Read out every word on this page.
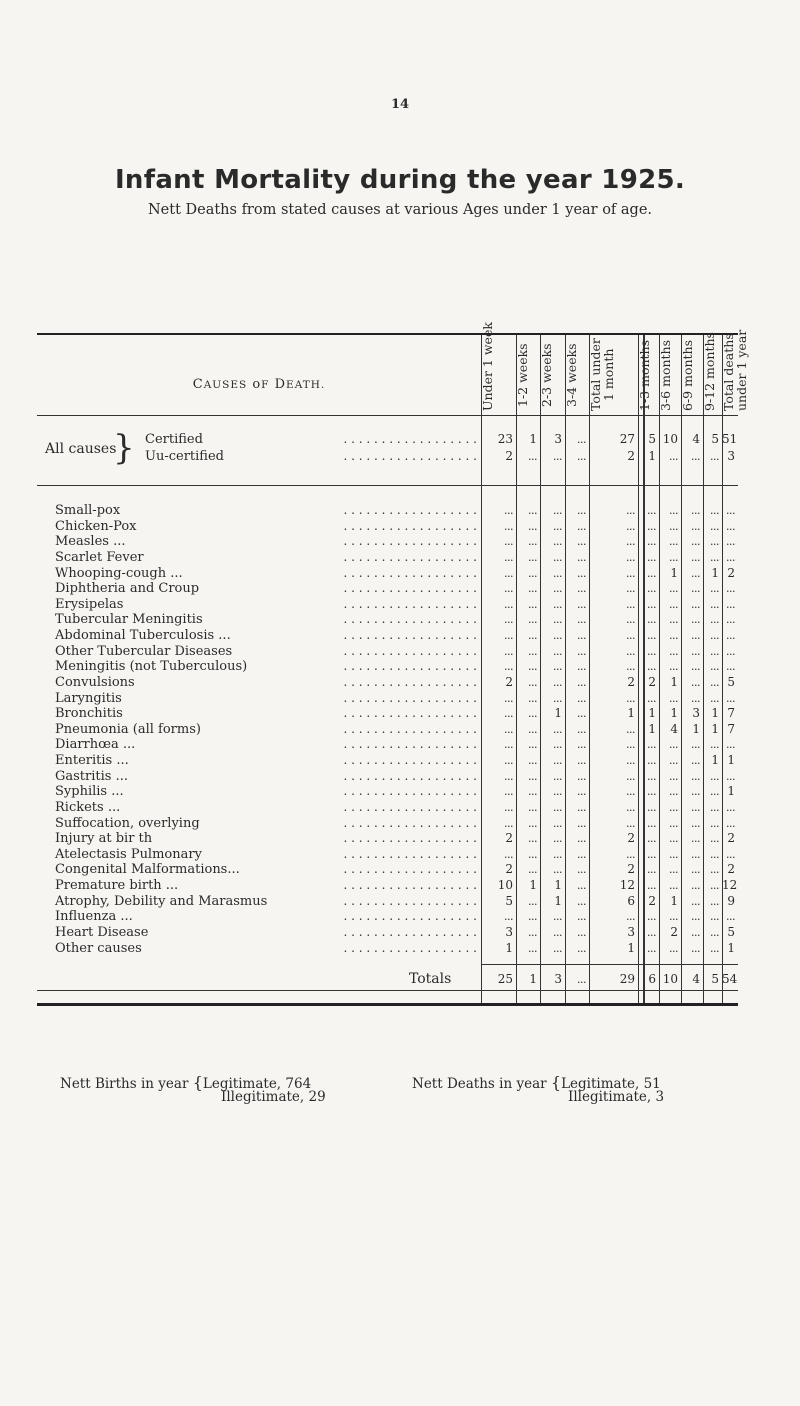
14
Infant Mortality during the year 1925.
Nett Deaths from stated causes at various Ages under 1 year of age.
CAUSES oF DEATH.	Under 1 week	1-2 weeks 2-3 weeks 3-4 weeks Total under
1 month 1-3 months 3-6 months 6-9 months 9-12 months Total deaths
under 1 year
All causes
} Certified	. . . . . . . . . . . . . . . . . .	23	1	3	...	27	5 10	4 5 51
Uu-certified	. . . . . . . . . . . . . . . . . .	2	...	...	...	2	1	...	... ... 3
Small-pox	. . . . . . . . . . . . . . . . . .	...	...	...	...	...	...	...	... ... ...
Chicken-Pox	. . . . . . . . . . . . . . . . . .	...	...	...	...	...	...	...	... ... ...
Measles ...	. . . . . . . . . . . . . . . . . .	...	...	...	...	...	...	...	... ... ...
Scarlet Fever	. . . . . . . . . . . . . . . . . .	...	...	...	...	...	...	...	... ... ...
Whooping-cough ...	. . . . . . . . . . . . . . . . . .	...	...	...	...	...	...	1	... 1 2
Diphtheria and Croup	. . . . . . . . . . . . . . . . . .	...	...	...	...	...	...	...	... ... ...
Erysipelas	. . . . . . . . . . . . . . . . . .	...	...	...	...	...	...	...	... ... ...
Tubercular Meningitis	. . . . . . . . . . . . . . . . . .	...	...	...	...	...	...	...	... ... ...
Abdominal Tuberculosis ...	. . . . . . . . . . . . . . . . . .	...	...	...	...	...	...	...	... ... ...
Other Tubercular Diseases	. . . . . . . . . . . . . . . . . .	...	...	...	...	...	...	...	... ... ...
Meningitis (not Tuberculous)	. . . . . . . . . . . . . . . . . .	...	...	...	...	...	...	...	... ... ...
Convulsions	. . . . . . . . . . . . . . . . . .	2	...	...	...	2	2	1	... ... 5
Laryngitis	. . . . . . . . . . . . . . . . . .	...	...	...	...	...	...	...	... ... ...
Bronchitis	. . . . . . . . . . . . . . . . . .	...	...	1	...	1	1	1	3 1 7
Pneumonia (all forms)	. . . . . . . . . . . . . . . . . .	...	...	...	...	...	1	4	1 1 7
Diarrhœa ...	. . . . . . . . . . . . . . . . . .	...	...	...	...	...	...	...	... ... ...
Enteritis ...	. . . . . . . . . . . . . . . . . .	...	...	...	...	...	...	...	... 1 1
Gastritis ...	. . . . . . . . . . . . . . . . . .	...	...	...	...	...	...	...	... ... ...
Syphilis ...	. . . . . . . . . . . . . . . . . .	...	...	...	...	...	...	...	... ... 1
Rickets ...	. . . . . . . . . . . . . . . . . .	...	...	...	...	...	...	...	... ... ...
Suffocation, overlying	. . . . . . . . . . . . . . . . . .	...	...	...	...	...	...	...	... ... ...
Injury at bir th	. . . . . . . . . . . . . . . . . .	2	...	...	...	2	...	...	... ... 2
Atelectasis Pulmonary	. . . . . . . . . . . . . . . . . .	...	...	...	...	...	...	...	... ... ...
Congenital Malformations...	. . . . . . . . . . . . . . . . . .	2	...	...	...	2	...	...	... ... 2
Premature birth ...	. . . . . . . . . . . . . . . . . .	10	1	1	...	12	...	...	... ... 12
Atrophy, Debility and Marasmus	. . . . . . . . . . . . . . . . . .	5	...	1	...	6	2	1	... ... 9
Influenza ...	. . . . . . . . . . . . . . . . . .	...	...	...	...	...	...	...	... ... ...
Heart Disease	. . . . . . . . . . . . . . . . . .	3	...	...	...	3	...	2	... ... 5
Other causes	. . . . . . . . . . . . . . . . . .	1	...	...	...	1	...	...	... ... 1
Totals	25	1	3	...	29	6 10	4 5 54
Nett Births in year {Legitimate, 764
Illegitimate, 29
Nett Deaths in year {Legitimate, 51
Illegitimate, 3
